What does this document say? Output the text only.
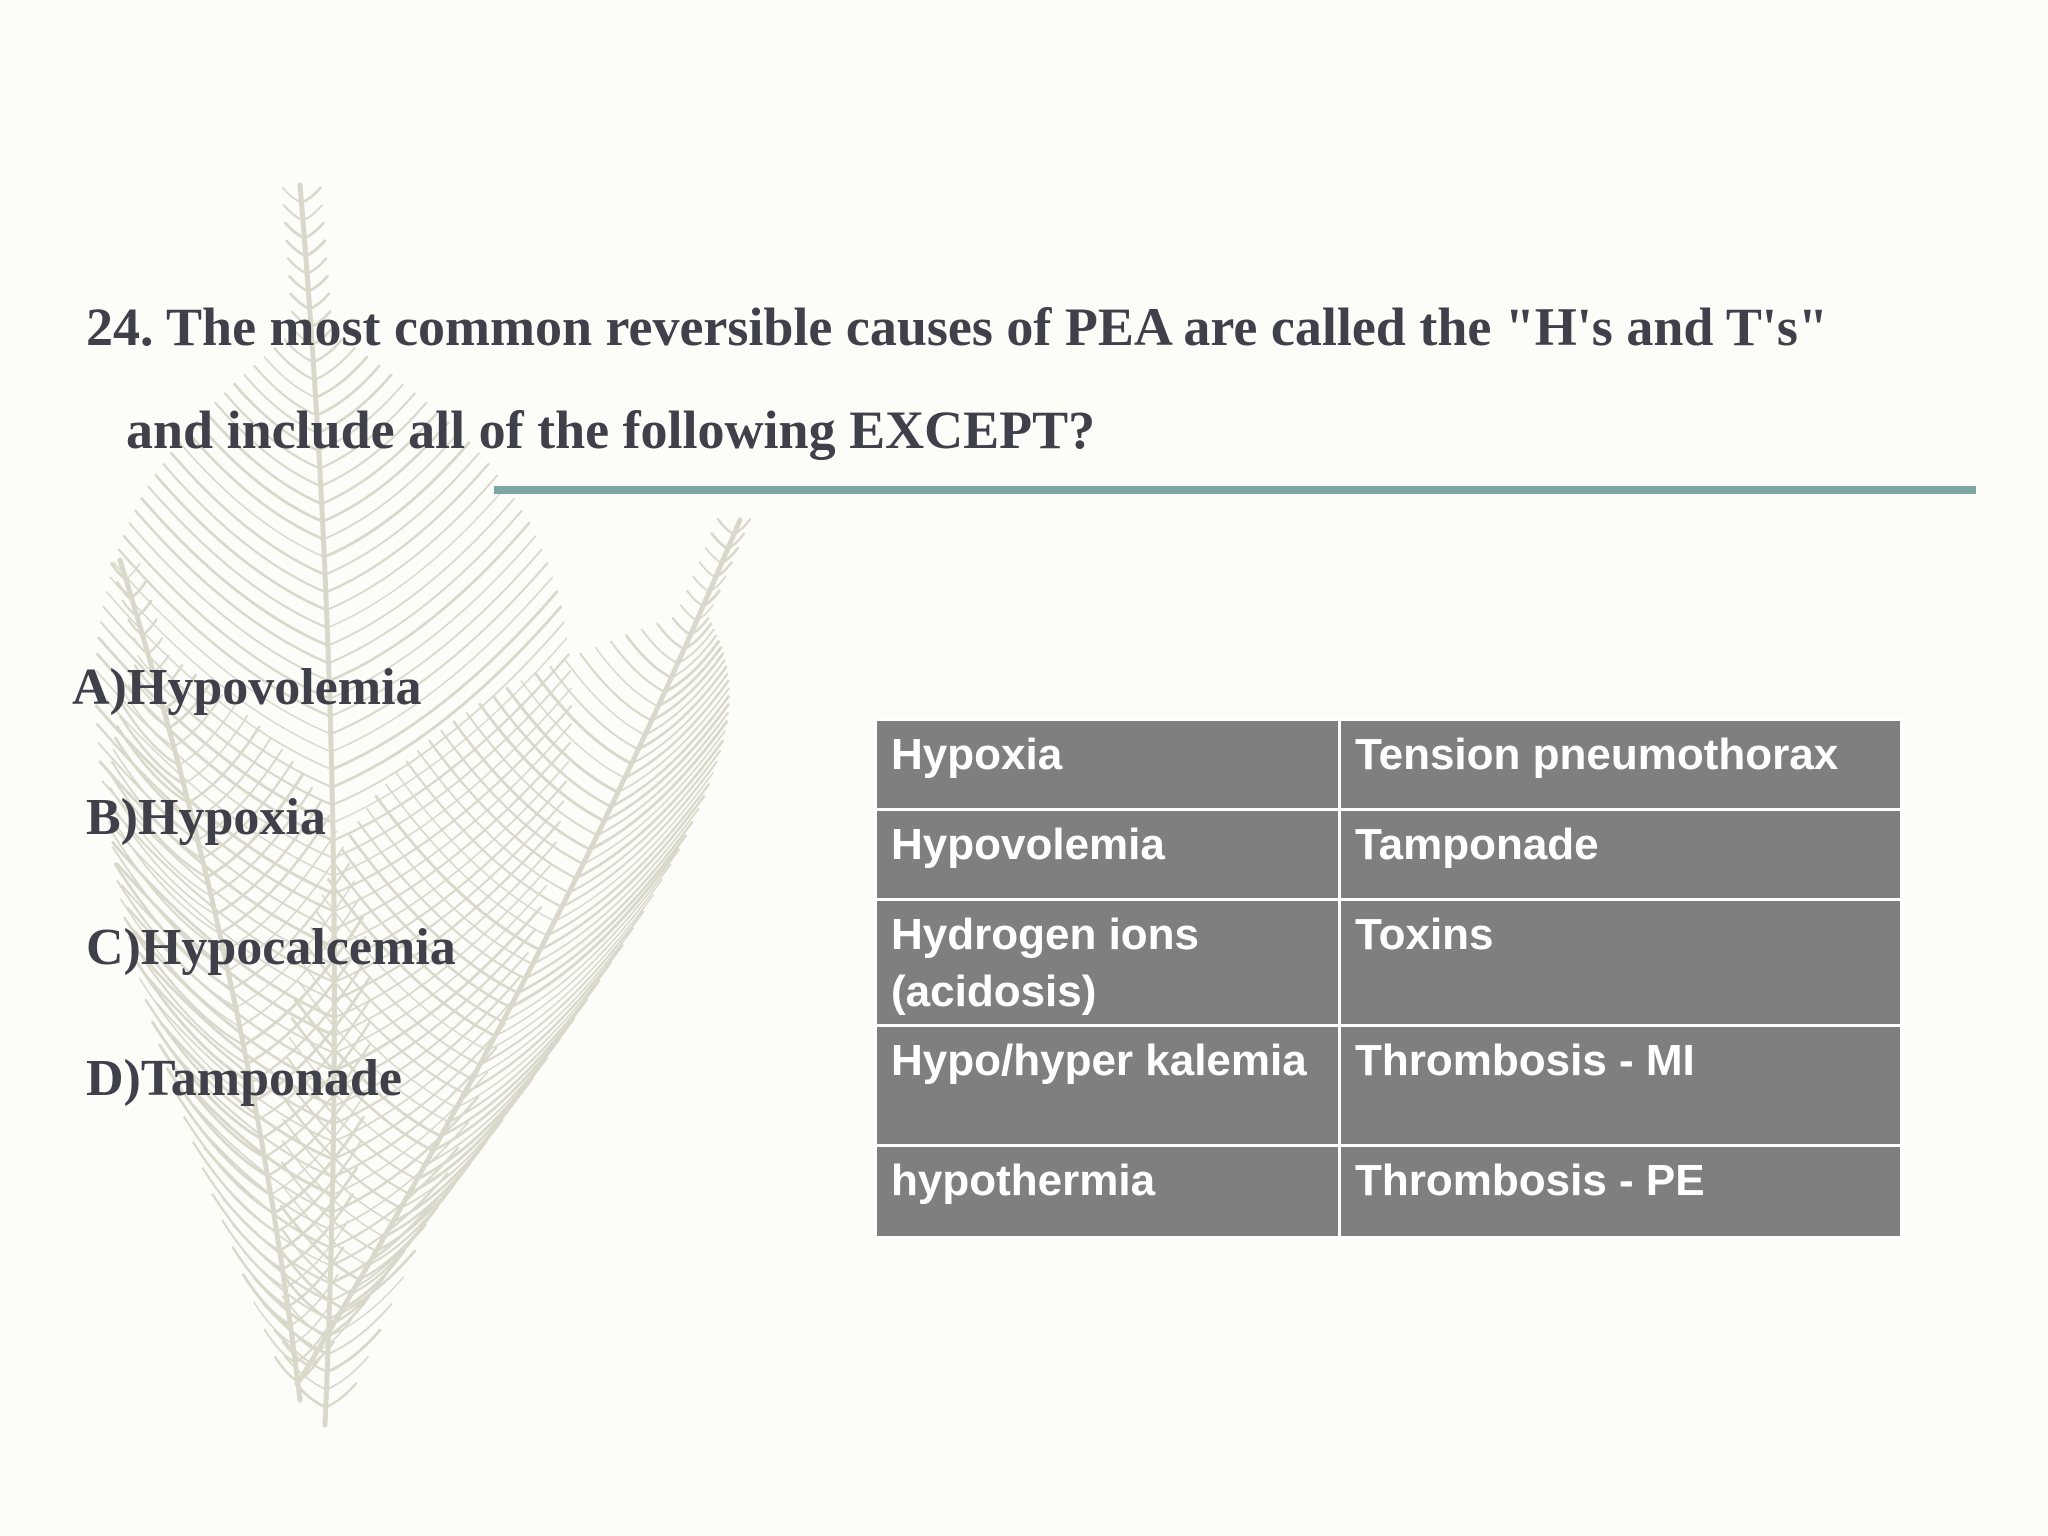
24. The most common reversible causes of PEA are called the "H's and T's"
and include all of the following EXCEPT?
A)Hypovolemia
B)Hypoxia
C)Hypocalcemia
D)Tamponade
Hypoxia	Tension pneumothorax
Hypovolemia	Tamponade
Hydrogen ions (acidosis)	Toxins
Hypo/hyper kalemia	Thrombosis - MI
hypothermia	Thrombosis - PE
